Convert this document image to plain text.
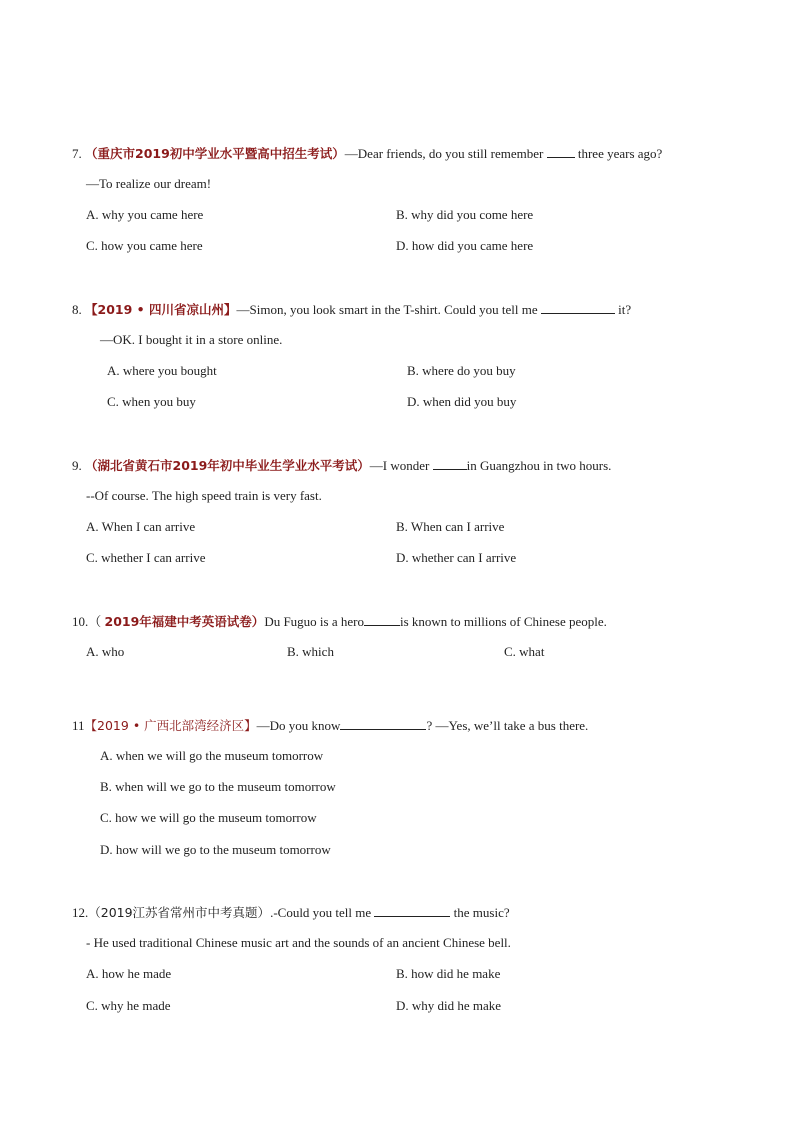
7. （重庆市2019初中学业水平暨高中招生考试）—Dear friends, do you still remember  three years ago?
—To realize our dream!
A. why you came here	B. why did you come here
C. how you came here	D. how did you came here
8. 【2019 • 四川省凉山州】—Simon, you look smart in the T-shirt. Could you tell me	it?
—OK. I bought it in a store online.
A. where you bought	B. where do you buy
C. when you buy	D. when did you buy
9. （湖北省黄石市2019年初中毕业生学业水平考试）—I wonder	in Guangzhou in two hours.
--Of course. The high speed train is very fast.
A. When I can arrive	B. When can I arrive
C. whether I can arrive	D. whether can I arrive
10.（ 2019年福建中考英语试卷）Du Fuguo is a hero	is known to millions of Chinese people.
A. who	B. which	C. what
11【2019 • 广西北部湾经济区】—Do you know	? —Yes, we’ll take a bus there.
A. when we will go the museum tomorrow
B. when will we go to the museum tomorrow
C. how we will go the museum tomorrow
D. how will we go to the museum tomorrow
12.（2019江苏省常州市中考真题）.-Could you tell me	the music?
- He used traditional Chinese music art and the sounds of an ancient Chinese bell.
A. how he made	B. how did he make
C. why he made	D. why did he make
